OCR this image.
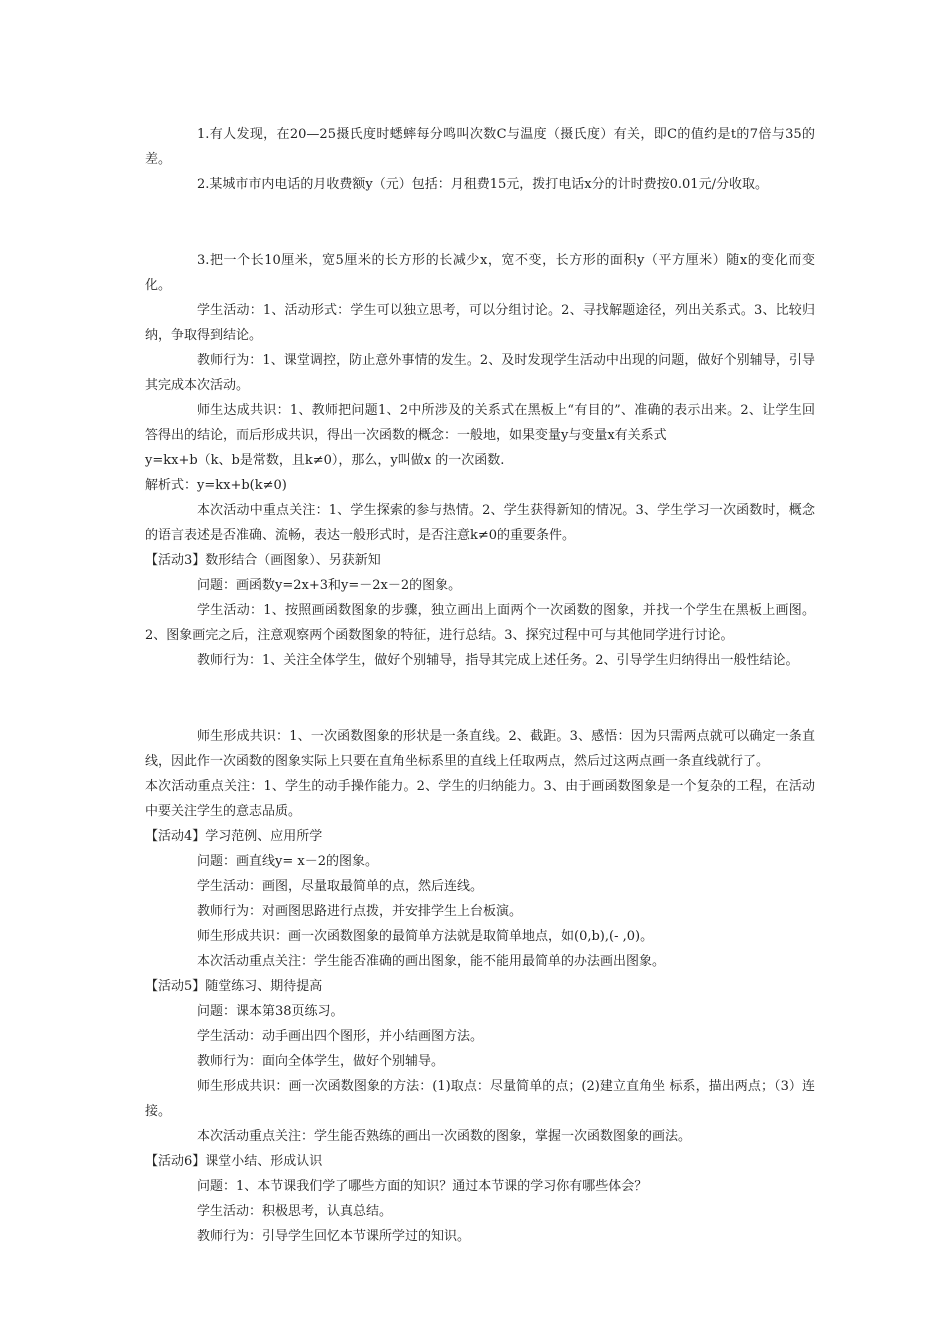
1.有人发现，在20—25摄氏度时蟋蟀每分鸣叫次数C与温度（摄氏度）有关，即C的值约是t的7倍与35的差。

2.某城市市内电话的月收费额y（元）包括：月租费15元，拨打电话x分的计时费按0.01元/分收取。

3.把一个长10厘米，宽5厘米的长方形的长减少x，宽不变，长方形的面积y（平方厘米）随x的变化而变化。

学生活动：1、活动形式：学生可以独立思考，可以分组讨论。2、寻找解题途径，列出关系式。3、比较归纳，争取得到结论。

教师行为：1、课堂调控，防止意外事情的发生。2、及时发现学生活动中出现的问题，做好个别辅导，引导其完成本次活动。

师生达成共识：1、教师把问题1、2中所涉及的关系式在黑板上“有目的”、准确的表示出来。2、让学生回答得出的结论，而后形成共识，得出一次函数的概念：一般地，如果变量y与变量x有关系式

y=kx+b（k、b是常数，且k≠0），那么，y叫做x 的一次函数.

解析式：y=kx+b(k≠0)

本次活动中重点关注：1、学生探索的参与热情。2、学生获得新知的情况。3、学生学习一次函数时，概念的语言表述是否准确、流畅，表达一般形式时，是否注意k≠0的重要条件。

【活动3】数形结合（画图象）、另获新知

问题：画函数y=2x+3和y=－2x－2的图象。

学生活动：1、按照画函数图象的步骤，独立画出上面两个一次函数的图象，并找一个学生在黑板上画图。2、图象画完之后，注意观察两个函数图象的特征，进行总结。3、探究过程中可与其他同学进行讨论。

教师行为：1、关注全体学生，做好个别辅导，指导其完成上述任务。2、引导学生归纳得出一般性结论。

师生形成共识：1、一次函数图象的形状是一条直线。2、截距。3、感悟：因为只需两点就可以确定一条直线，因此作一次函数的图象实际上只要在直角坐标系里的直线上任取两点，然后过这两点画一条直线就行了。

本次活动重点关注：1、学生的动手操作能力。2、学生的归纳能力。3、由于画函数图象是一个复杂的工程，在活动中要关注学生的意志品质。

【活动4】学习范例、应用所学

问题：画直线y= x－2的图象。

学生活动：画图，尽量取最简单的点，然后连线。

教师行为：对画图思路进行点拨，并安排学生上台板演。

师生形成共识：画一次函数图象的最简单方法就是取简单地点，如(0,b),(- ,0)。

本次活动重点关注：学生能否准确的画出图象，能不能用最简单的办法画出图象。

【活动5】随堂练习、期待提高

问题：课本第38页练习。

学生活动：动手画出四个图形，并小结画图方法。

教师行为：面向全体学生，做好个别辅导。

师生形成共识：画一次函数图象的方法：(1)取点：尽量简单的点；(2)建立直角坐 标系，描出两点；（3）连接。

本次活动重点关注：学生能否熟练的画出一次函数的图象，掌握一次函数图象的画法。

【活动6】课堂小结、形成认识

问题：1、本节课我们学了哪些方面的知识？通过本节课的学习你有哪些体会？

学生活动：积极思考，认真总结。

教师行为：引导学生回忆本节课所学过的知识。
